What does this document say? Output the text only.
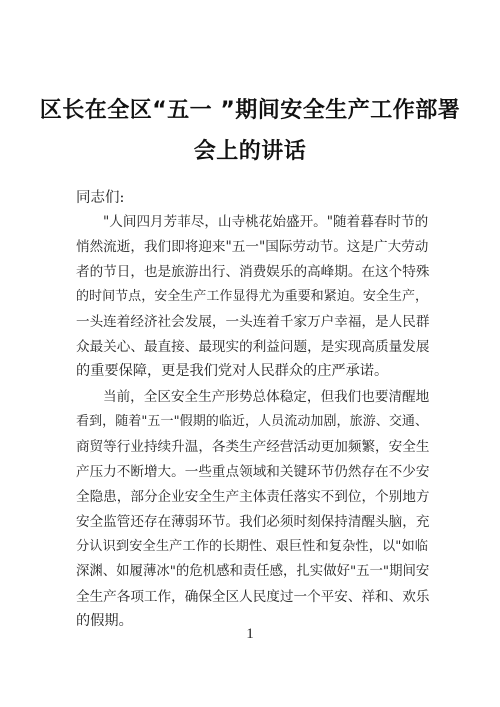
区长在全区“五一 ”期间安全生产工作部署
会上的讲话
同志们:
"人间四月芳菲尽，山寺桃花始盛开。"随着暮春时节的
悄然流逝，我们即将迎来"五一"国际劳动节。这是广大劳动
者的节日，也是旅游出行、消费娱乐的高峰期。在这个特殊
的时间节点，安全生产工作显得尤为重要和紧迫。安全生产，
一头连着经济社会发展，一头连着千家万户幸福，是人民群
众最关心、最直接、最现实的利益问题，是实现高质量发展
的重要保障，更是我们党对人民群众的庄严承诺。
当前，全区安全生产形势总体稳定，但我们也要清醒地
看到，随着"五一"假期的临近，人员流动加剧，旅游、交通、
商贸等行业持续升温，各类生产经营活动更加频繁，安全生
产压力不断增大。一些重点领域和关键环节仍然存在不少安
全隐患，部分企业安全生产主体责任落实不到位，个别地方
安全监管还存在薄弱环节。我们必须时刻保持清醒头脑，充
分认识到安全生产工作的长期性、艰巨性和复杂性，以"如临
深渊、如履薄冰"的危机感和责任感，扎实做好"五一"期间安
全生产各项工作，确保全区人民度过一个平安、祥和、欢乐
的假期。
1
